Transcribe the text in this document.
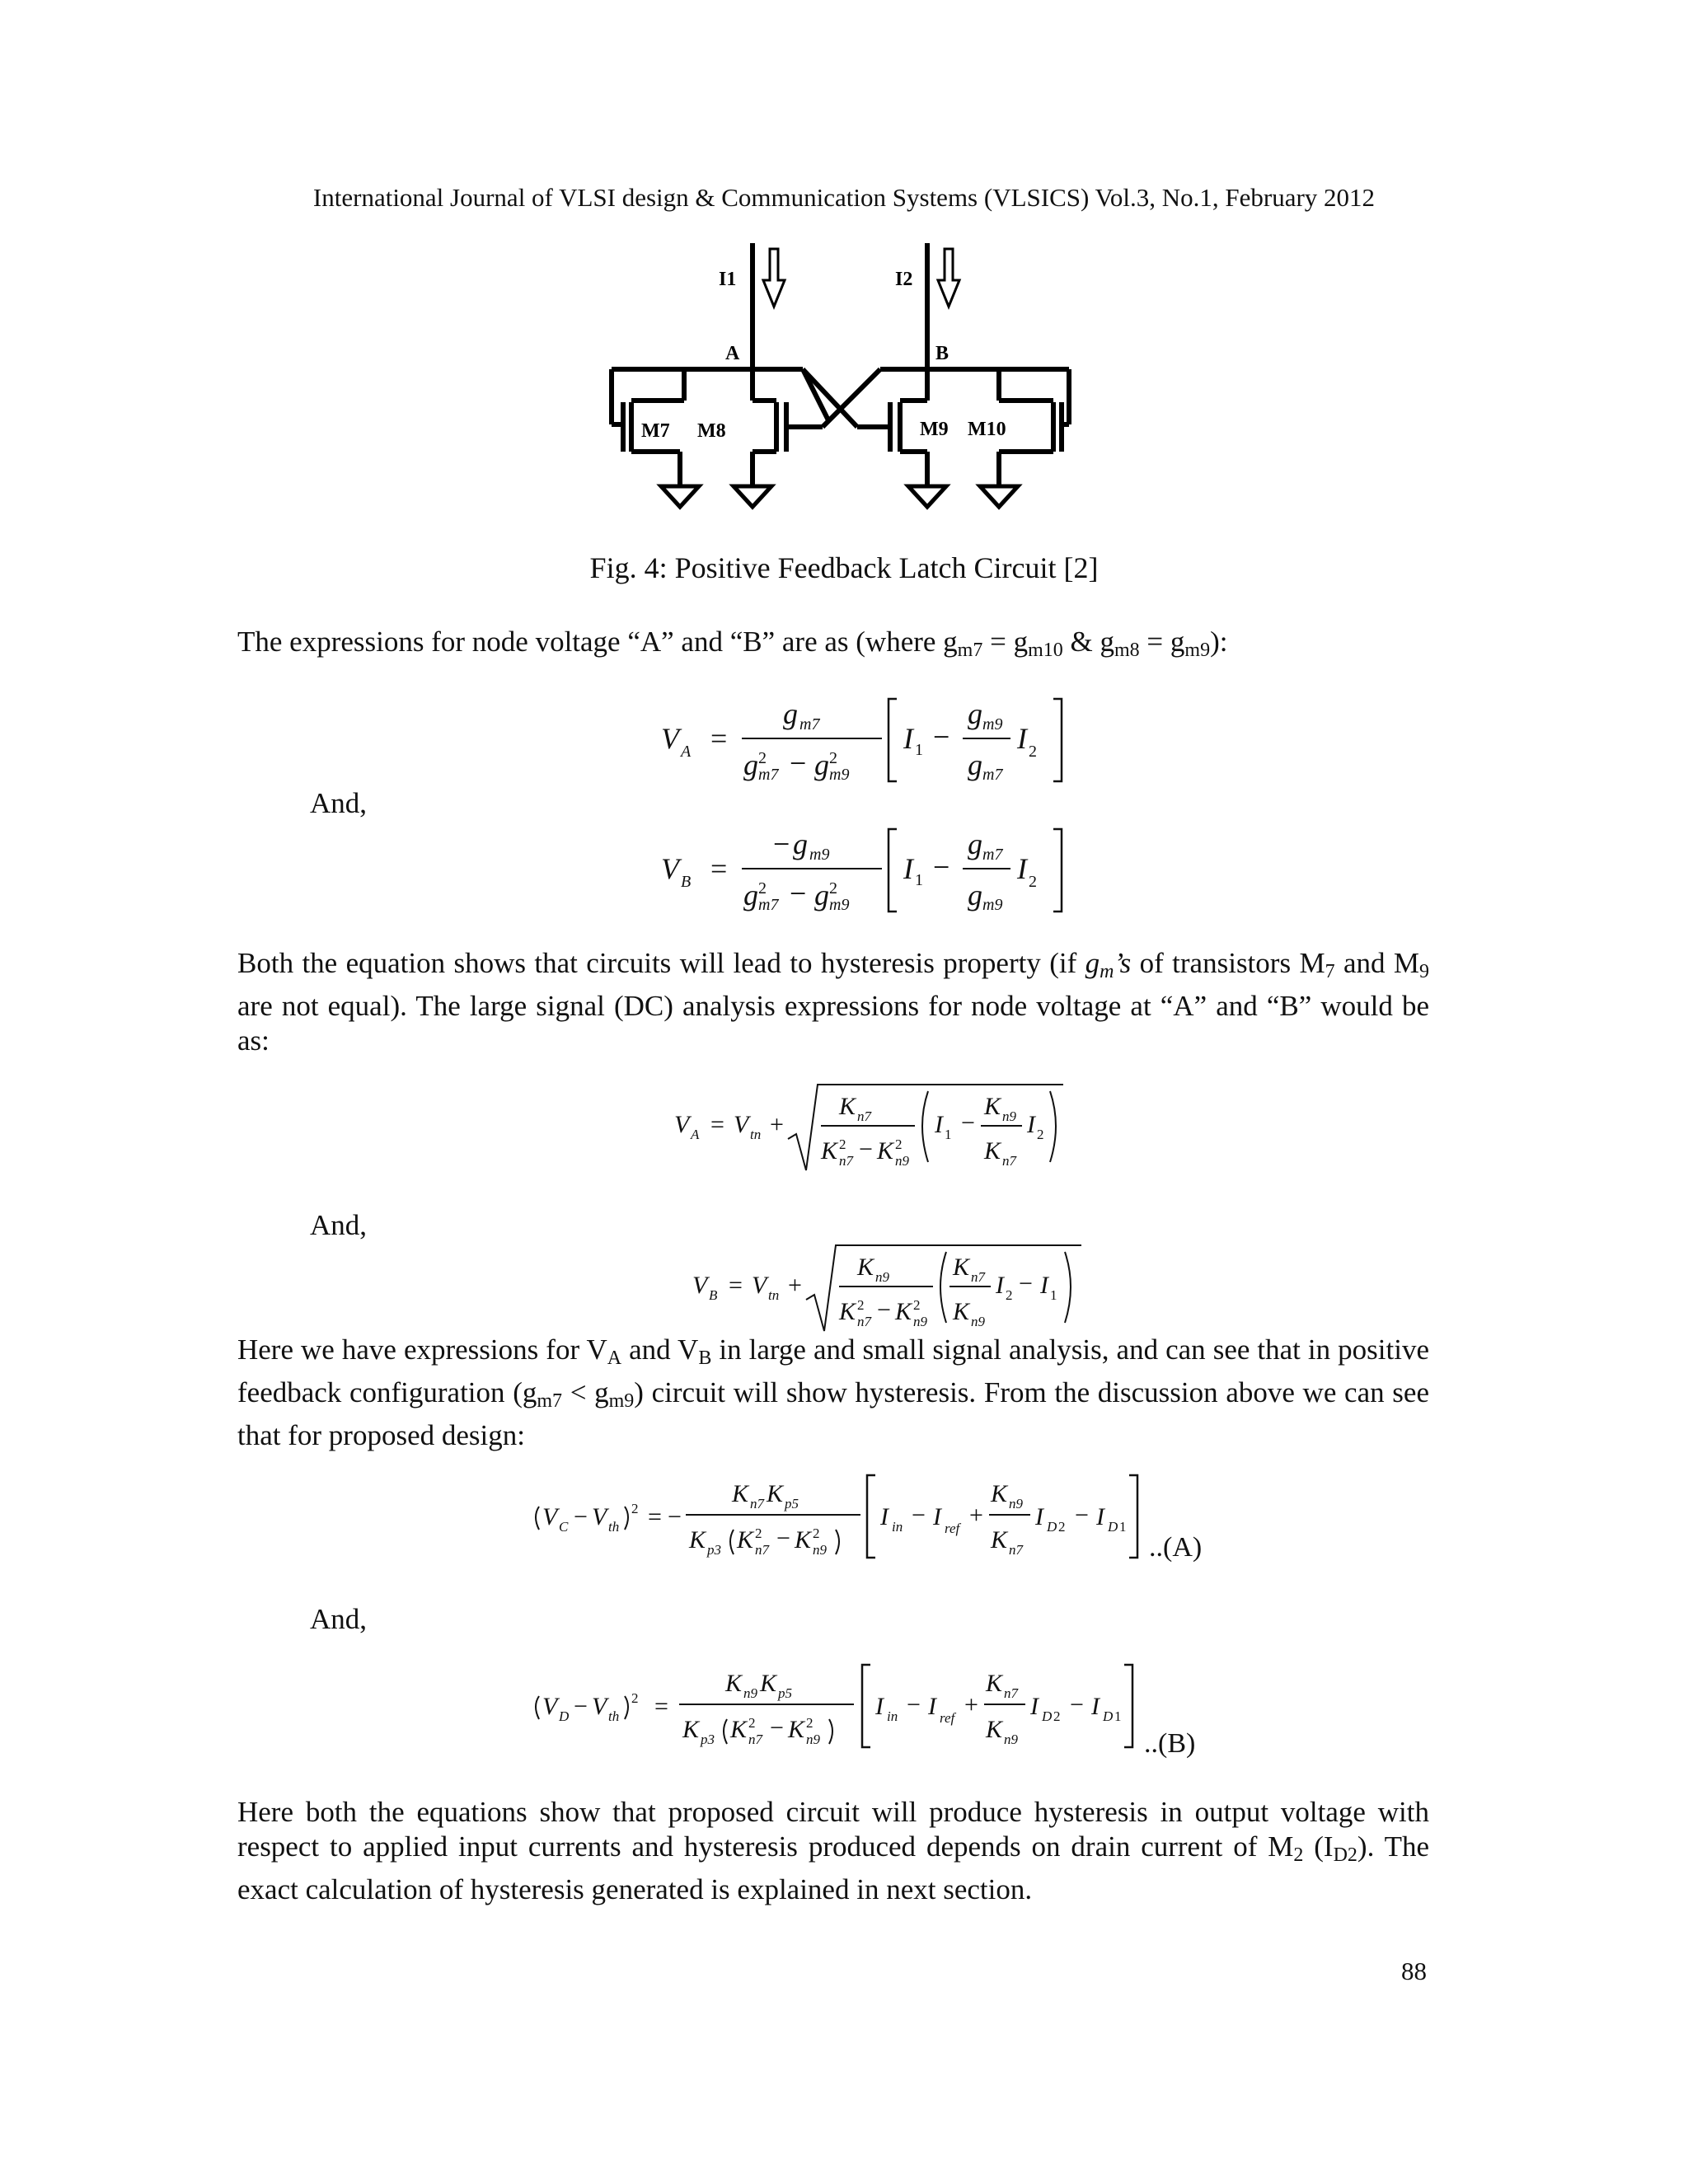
International Journal of VLSI design & Communication Systems (VLSICS) Vol.3, No.1, February 2012
I1	I2
A	B
M7 M8	M9 M10
Fig. 4: Positive Feedback Latch Circuit [2]
The expressions for node voltage “A” and “B” are as (where $g_{m7} = g_{m10}$ & $g_{m8} = g_{m9}$):
V A =
g m7
g 2
m7 − g 2
m9
I 1 −
g m9
g m7
I 2
And,
V B =
− g m9
g 2
m7 − g 2
m9
I 1 −
g m7
g m9
I 2
Both the equation shows that circuits will lead to hysteresis property (if $g_m’s$ of transistors $M_7$ and $M_9$ are not equal). The large signal (DC) analysis expressions for node voltage at “A” and “B” would be as:
V A = V tn +
K n7
K 2
n7 − K 2
n9
I 1 −
K n9
K n7
I 2
And,
V B = V tn +
K n9
K 2
n7 − K 2
n9
K n7
K n9
I 2 − I 1
Here we have expressions for $V_A$ and $V_B$ in large and small signal analysis, and can see that in positive feedback configuration $(g_{m7} < g_{m9})$ circuit will show hysteresis. From the discussion above we can see that for proposed design:
V C − V th
2 = −
K n7 K p5
K p3 K 2
n7 − K 2
n9
I in − I ref +
K n9
K n7
I D 2 − I D 1
..(A)
And,
V D − V th
2 =
K n9 K p5
K p3 K 2
n7 − K 2
n9
I in − I ref +
K n7
K n9
I D 2 − I D 1
..(B)
Here both the equations show that proposed circuit will produce hysteresis in output voltage with respect to applied input currents and hysteresis produced depends on drain current of $M_2$ $(I_{D2})$. The exact calculation of hysteresis generated is explained in next section.
88
